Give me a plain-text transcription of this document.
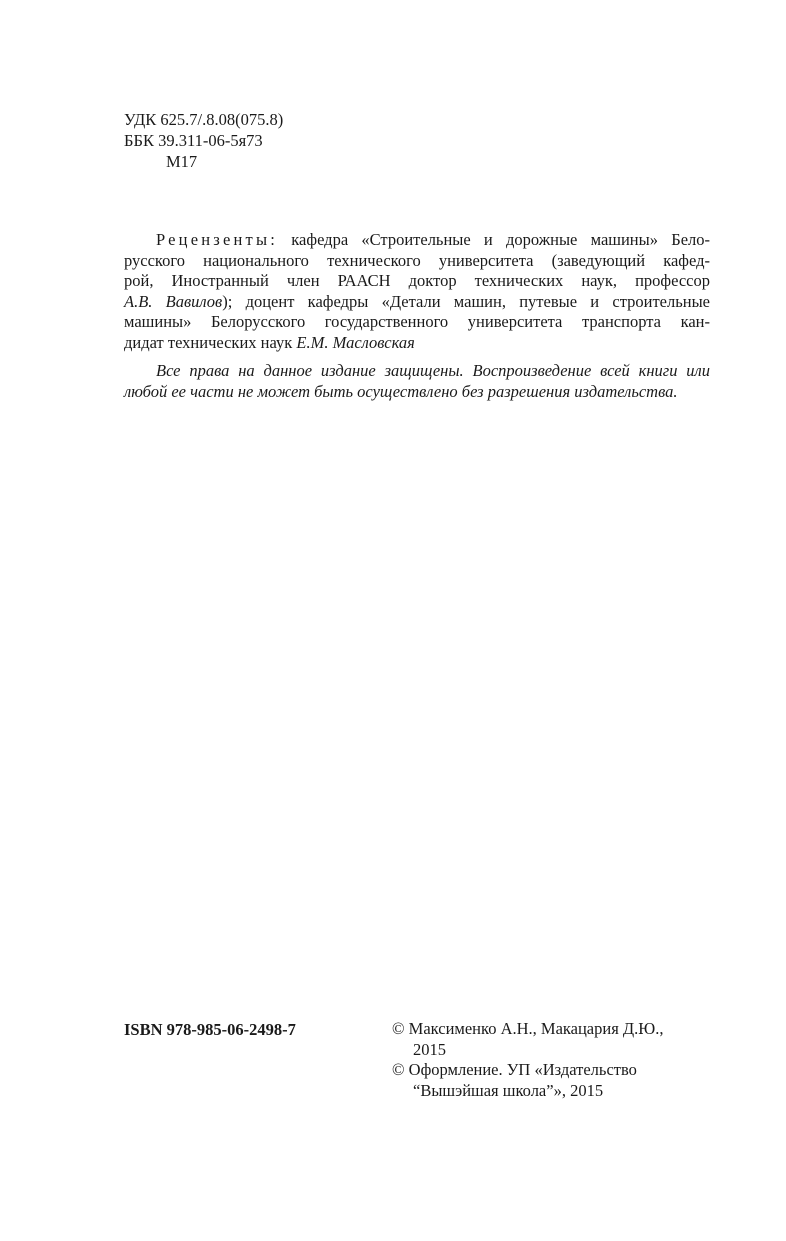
УДК 625.7/.8.08(075.8)
ББК 39.311-06-5я73
М17
Рецензенты: кафедра «Строительные и дорожные машины» Бело-
русского национального технического университета (заведующий кафед-
рой, Иностранный член РААСН доктор технических наук, профессор
А.В. Вавилов); доцент кафедры «Детали машин, путевые и строительные
машины» Белорусского государственного университета транспорта кан-
дидат технических наук Е.М. Масловская
Все права на данное издание защищены. Воспроизведение всей книги или
любой ее части не может быть осуществлено без разрешения издательства.
ISBN 978-985-06-2498-7	© Максименко А.Н., Макацария Д.Ю.,
2015
© Оформление. УП «Издательство
“Вышэйшая школа”», 2015
